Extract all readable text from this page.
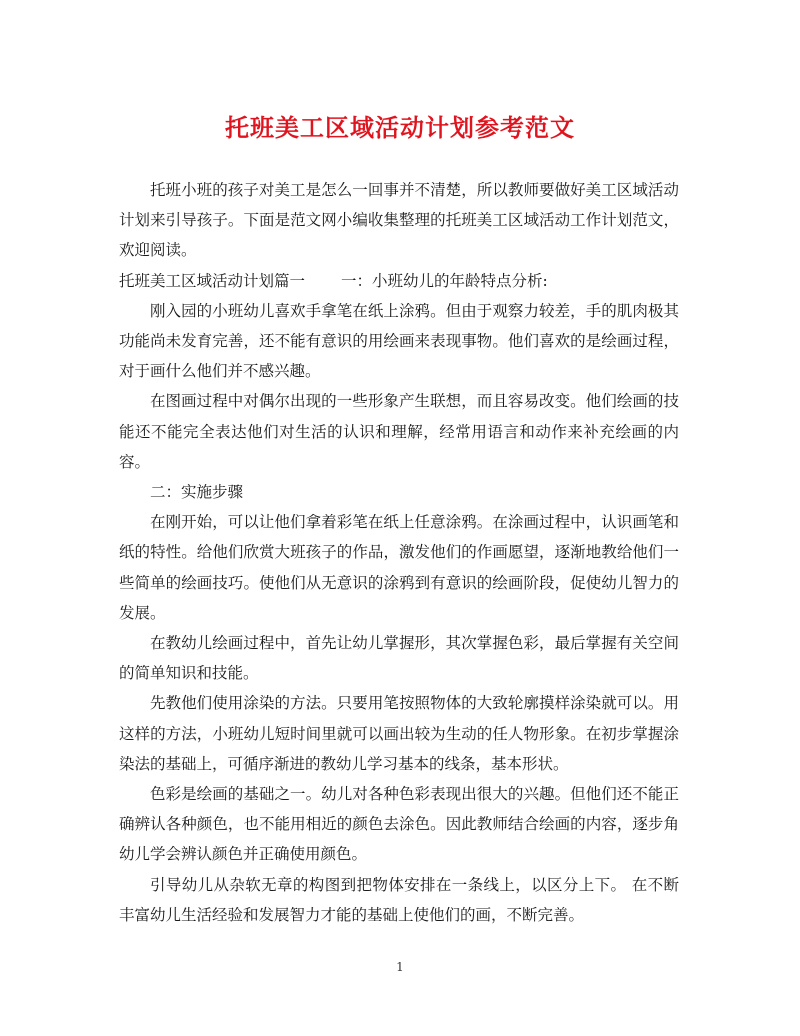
托班美工区域活动计划参考范文

托班小班的孩子对美工是怎么一回事并不清楚，所以教师要做好美工区域活动计划来引导孩子。下面是范文网小编收集整理的托班美工区域活动工作计划范文，欢迎阅读。

托班美工区域活动计划篇一 一：小班幼儿的年龄特点分析:

刚入园的小班幼儿喜欢手拿笔在纸上涂鸦。但由于观察力较差，手的肌肉极其功能尚未发育完善，还不能有意识的用绘画来表现事物。他们喜欢的是绘画过程，对于画什么他们并不感兴趣。

在图画过程中对偶尔出现的一些形象产生联想，而且容易改变。他们绘画的技能还不能完全表达他们对生活的认识和理解，经常用语言和动作来补充绘画的内容。

二：实施步骤

在刚开始，可以让他们拿着彩笔在纸上任意涂鸦。在涂画过程中，认识画笔和纸的特性。给他们欣赏大班孩子的作品，激发他们的作画愿望，逐渐地教给他们一些简单的绘画技巧。使他们从无意识的涂鸦到有意识的绘画阶段，促使幼儿智力的发展。

在教幼儿绘画过程中，首先让幼儿掌握形，其次掌握色彩，最后掌握有关空间的简单知识和技能。

先教他们使用涂染的方法。只要用笔按照物体的大致轮廓摸样涂染就可以。用这样的方法，小班幼儿短时间里就可以画出较为生动的任人物形象。在初步掌握涂染法的基础上，可循序渐进的教幼儿学习基本的线条，基本形状。

色彩是绘画的基础之一。幼儿对各种色彩表现出很大的兴趣。但他们还不能正确辨认各种颜色，也不能用相近的颜色去涂色。因此教师结合绘画的内容，逐步角幼儿学会辨认颜色并正确使用颜色。

引导幼儿从杂软无章的构图到把物体安排在一条线上，以区分上下。 在不断丰富幼儿生活经验和发展智力才能的基础上使他们的画，不断完善。

1
